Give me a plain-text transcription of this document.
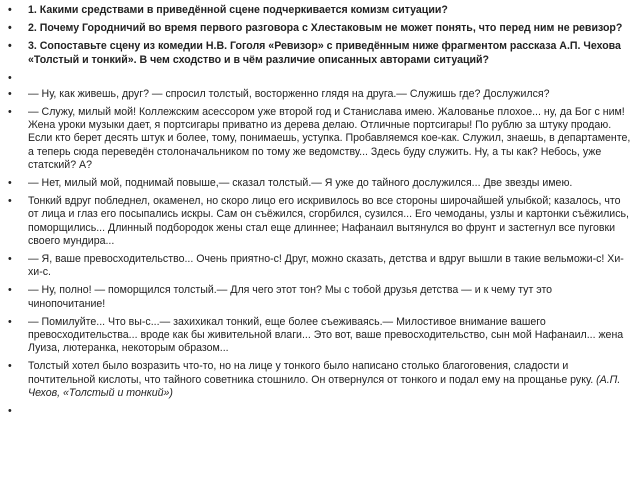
•	1. Какими средствами в приведённой сцене подчеркивается комизм ситуации?
•	2. Почему Городничий во время первого разговора с Хлестаковым не может понять, что перед ним не ревизор?
•	3. Сопоставьте сцену из комедии Н.В. Гоголя «Ревизор» с приведённым ниже фрагментом рассказа А.П. Чехова «Толстый и тонкий». В чем сходство и в чём различие описанных авторами ситуаций?
•
•	— Ну, как живешь, друг? — спросил толстый, восторженно глядя на друга.— Служишь где? Дослужился?
•	— Служу, милый мой! Коллежским асессором уже второй год и Станислава имею. Жалованье плохое... ну, да Бог с ним! Жена уроки музыки дает, я портсигары приватно из дерева делаю. Отличные портсигары! По рублю за штуку продаю. Если кто берет десять штук и более, тому, понимаешь, уступка. Пробавляемся кое-как. Служил, знаешь, в департаменте, а теперь сюда переведён столоначальником по тому же ведомству... Здесь буду служить. Ну, а ты как? Небось, уже статский? А?
•	— Нет, милый мой, поднимай повыше,— сказал толстый.— Я уже до тайного дослужился... Две звезды имею.
•	Тонкий вдруг побледнел, окаменел, но скоро лицо его искривилось во все стороны широчайшей улыбкой; казалось, что от лица и глаз его посыпались искры. Сам он съёжился, сгорбился, сузился... Его чемоданы, узлы и картонки съёжились, поморщились... Длинный подбородок жены стал еще длиннее; Нафанаил вытянулся во фрунт и застегнул все пуговки своего мундира...
•	— Я, ваше превосходительство... Очень приятно-с! Друг, можно сказать, детства и вдруг вышли в такие вельможи-с! Хи-хи-с.
•	— Ну, полно! — поморщился толстый.— Для чего этот тон? Мы с тобой друзья детства — и к чему тут это чинопочитание!
•	— Помилуйте... Что вы-с...— захихикал тонкий, еще более съеживаясь.— Милостивое внимание вашего превосходительства... вроде как бы живительной влаги... Это вот, ваше превосходительство, сын мой Нафанаил... жена Луиза, лютеранка, некоторым образом...
•	Толстый хотел было возразить что-то, но на лице у тонкого было написано столько благоговения, сладости и почтительной кислоты, что тайного советника стошнило. Он отвернулся от тонкого и подал ему на прощанье руку. (А.П. Чехов, «Толстый и тонкий»)
•
